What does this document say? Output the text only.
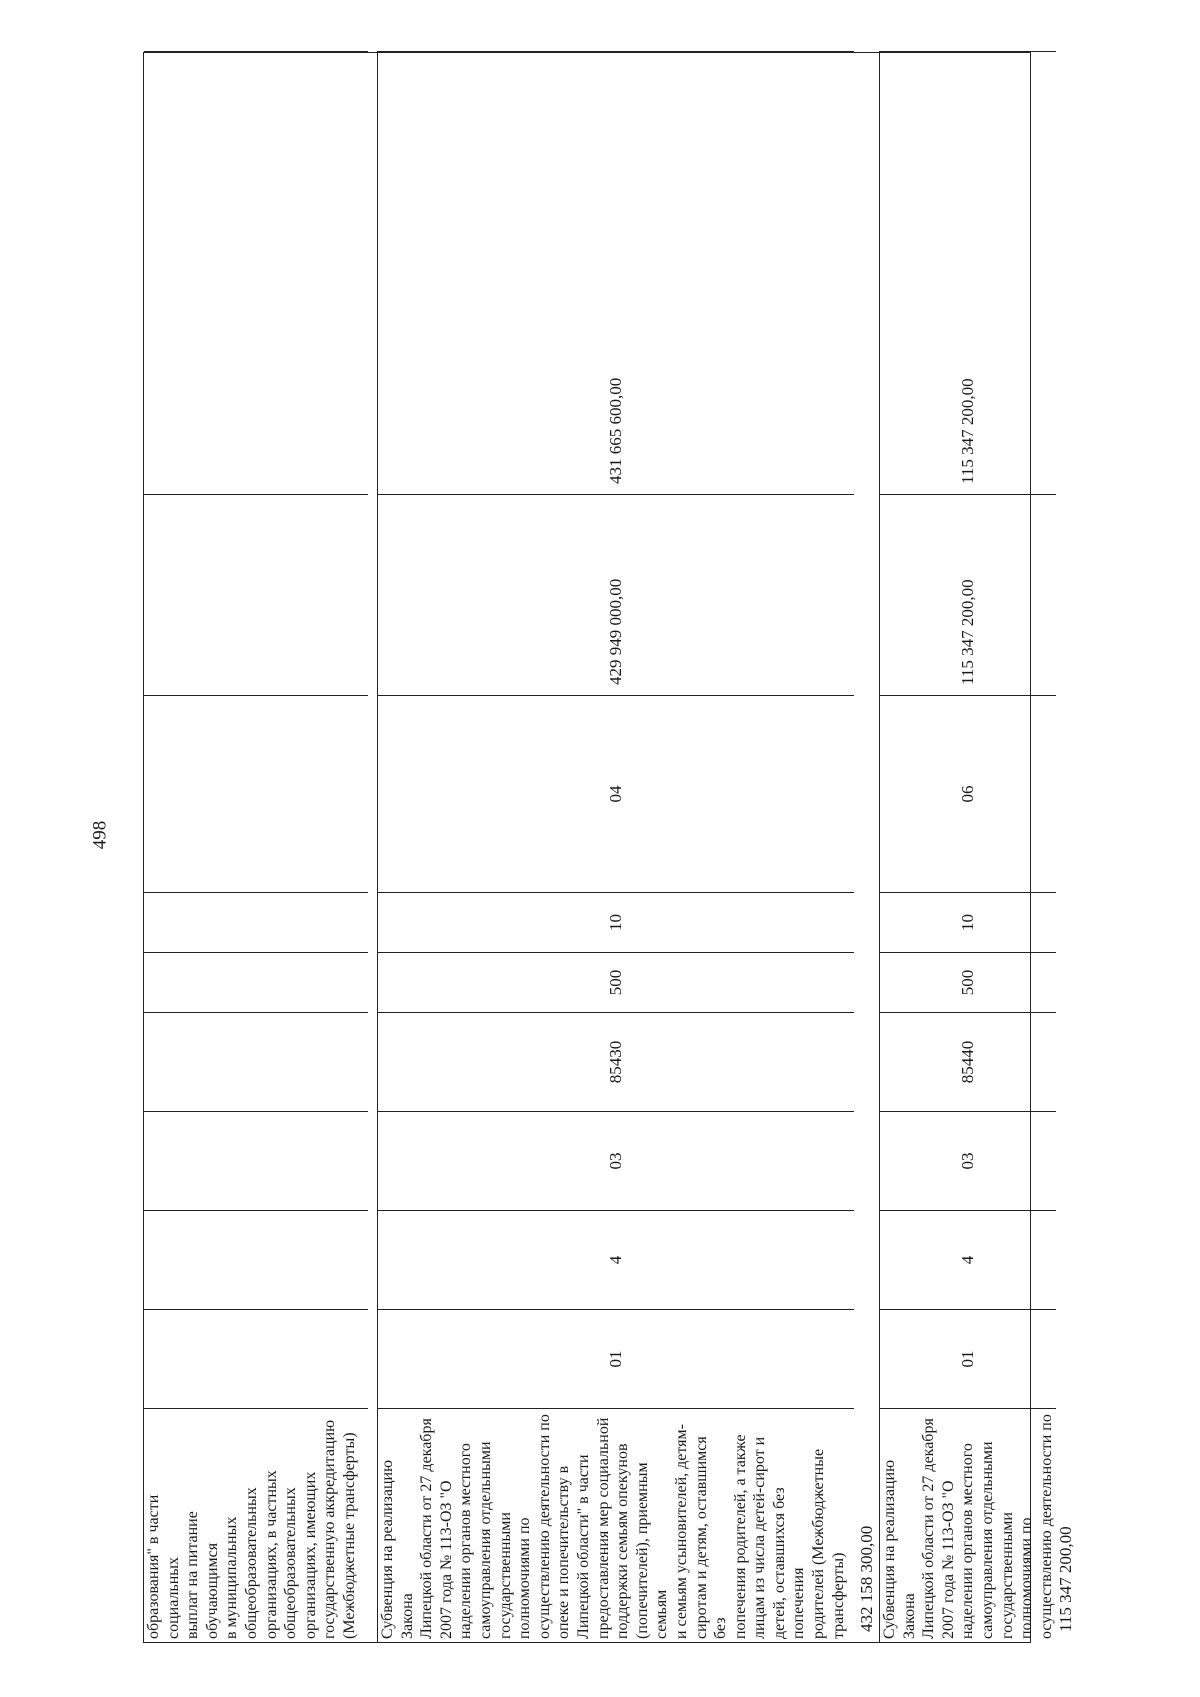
498
образования" в части социальных выплат на питание обучающимся в муниципальных общеобразовательных организациях, в частных общеобразовательных организациях, имеющих государственную аккредитацию (Межбюджетные трансферты) Субвенция на реализацию Закона Липецкой области от 27 декабря 2007 года № 113-ОЗ "О наделении органов местного самоуправления отдельными государственными полномочиями по осуществлению деятельности по опеке и попечительству в Липецкой области" в части предоставления мер социальной поддержки семьям опекунов (попечителей), приемным семьям и семьям усыновителей, детям- сиротам и детям, оставшимся без попечения родителей, а также лицам из числа детей-сирот и детей, оставшихся без попечения родителей (Межбюджетные трансферты)
01
4
03
85430
500
10
04
429 949 000,00
431 665 600,00
432 158 300,00 Субвенция на реализацию Закона Липецкой области от 27 декабря 2007 года № 113-ОЗ "О наделении органов местного самоуправления отдельными государственными полномочиями по осуществлению деятельности по
01
4
03
85440
500
10
06
115 347 200,00
115 347 200,00
115 347 200,00
